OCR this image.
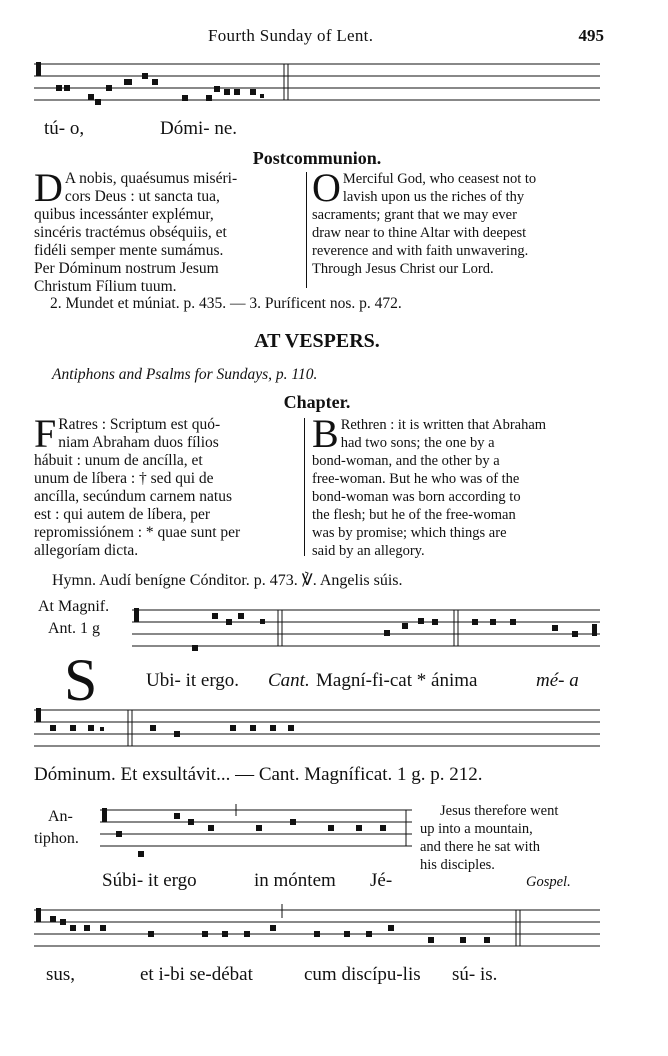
Fourth Sunday of Lent.	495
tú- o,	Dómi- ne.
Postcommunion.
D A nobis, quaésumus miséri-
cors Deus : ut sancta tua,
quibus incessánter explémur,
sincéris tractémus obséquiis, et
fidéli semper mente sumámus.
Per Dóminum nostrum Jesum
Christum Fílium tuum.
O Merciful God, who ceasest not to
lavish upon us the riches of thy
sacraments; grant that we may ever
draw near to thine Altar with deepest
reverence and with faith unwavering.
Through Jesus Christ our Lord.
2. Mundet et múniat. p. 435. — 3. Puríficent nos. p. 472.
AT VESPERS.
Antiphons and Psalms for Sundays, p. 110.
Chapter.
F Ratres : Scriptum est quó-
niam Abraham duos fílios
hábuit : unum de ancílla, et
unum de líbera : † sed qui de
ancílla, secúndum carnem natus
est : qui autem de líbera, per
repromissiónem : * quae sunt per
allegoríam dicta.
B Rethren : it is written that Abraham
had two sons; the one by a
bond-woman, and the other by a
free-woman. But he who was of the
bond-woman was born according to
the flesh; but he of the free-woman
was by promise; which things are
said by an allegory.
Hymn. Audí benígne Cónditor. p. 473. ℣. Angelis súis.
At Magnif.
Ant. 1 g
S	Ubi- it ergo. Cant. Magní-fi-cat * ánima	mé- a
Dóminum. Et exsultávit... — Cant. Magníficat. 1 g. p. 212.
An-
tiphon.
Jesus therefore went
up into a mountain,
and there he sat with
his disciples.
Gospel.
Súbi- it ergo	in móntem Jé-
sus,	et i-bi se-débat	cum discípu-lis sú- is.
